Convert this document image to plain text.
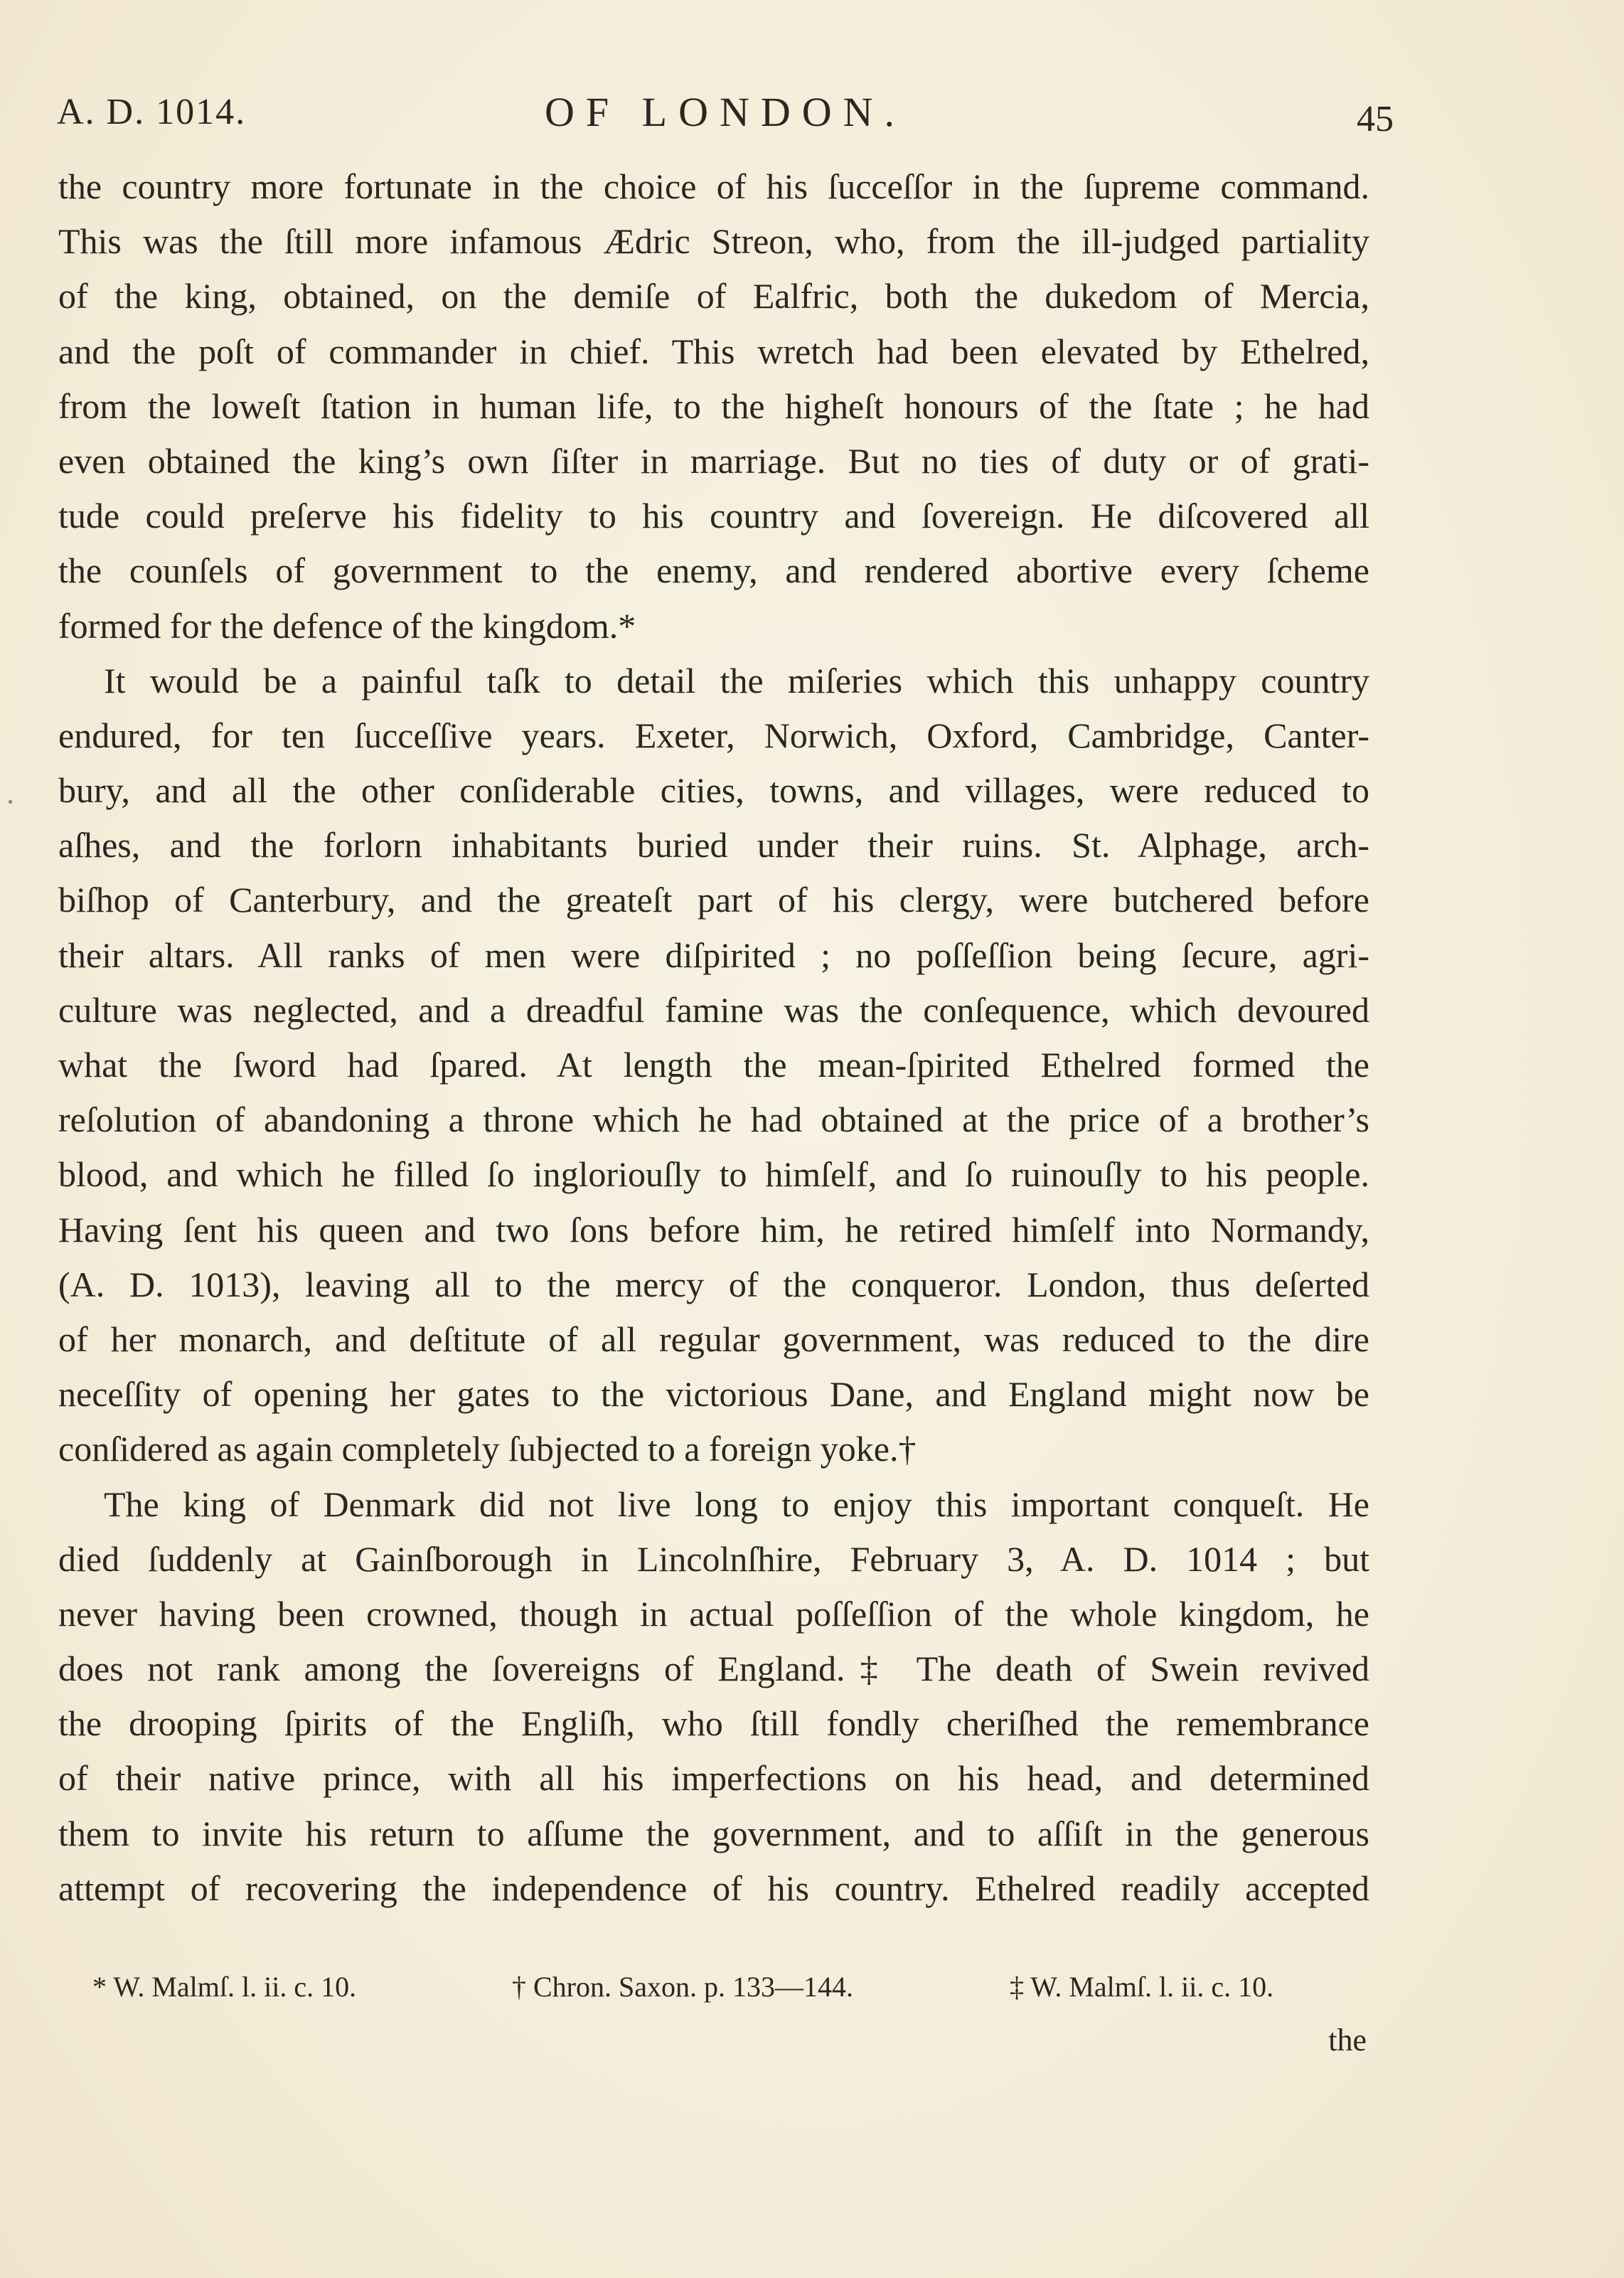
A. D. 1014.	OF LONDON.	45
the country more fortunate in the choice of his ſucceſſor in the ſupreme command.
This was the ſtill more infamous Ædric Streon, who, from the ill-judged partiality
of the king, obtained, on the demiſe of Ealfric, both the dukedom of Mercia,
and the poſt of commander in chief. This wretch had been elevated by Ethelred,
from the loweſt ſtation in human life, to the higheſt honours of the ſtate ; he had
even obtained the king’s own ſiſter in marriage. But no ties of duty or of grati-
tude could preſerve his fidelity to his country and ſovereign. He diſcovered all
the counſels of government to the enemy, and rendered abortive every ſcheme
formed for the defence of the kingdom.*
It would be a painful taſk to detail the miſeries which this unhappy country
endured, for ten ſucceſſive years. Exeter, Norwich, Oxford, Cambridge, Canter-
bury, and all the other conſiderable cities, towns, and villages, were reduced to
aſhes, and the forlorn inhabitants buried under their ruins. St. Alphage, arch-
biſhop of Canterbury, and the greateſt part of his clergy, were butchered before
their altars. All ranks of men were diſpirited ; no poſſeſſion being ſecure, agri-
culture was neglected, and a dreadful famine was the conſequence, which devoured
what the ſword had ſpared. At length the mean-ſpirited Ethelred formed the
reſolution of abandoning a throne which he had obtained at the price of a brother’s
blood, and which he filled ſo ingloriouſly to himſelf, and ſo ruinouſly to his people.
Having ſent his queen and two ſons before him, he retired himſelf into Normandy,
(A. D. 1013), leaving all to the mercy of the conqueror. London, thus deſerted
of her monarch, and deſtitute of all regular government, was reduced to the dire
neceſſity of opening her gates to the victorious Dane, and England might now be
conſidered as again completely ſubjected to a foreign yoke.†
The king of Denmark did not live long to enjoy this important conqueſt. He
died ſuddenly at Gainſborough in Lincolnſhire, February 3, A. D. 1014 ; but
never having been crowned, though in actual poſſeſſion of the whole kingdom, he
does not rank among the ſovereigns of England.‡ The death of Swein revived
the drooping ſpirits of the Engliſh, who ſtill fondly cheriſhed the remembrance
of their native prince, with all his imperfections on his head, and determined
them to invite his return to aſſume the government, and to aſſiſt in the generous
attempt of recovering the independence of his country. Ethelred readily accepted
* W. Malmſ. l. ii. c. 10.	† Chron. Saxon. p. 133—144.	‡ W. Malmſ. l. ii. c. 10.
the
